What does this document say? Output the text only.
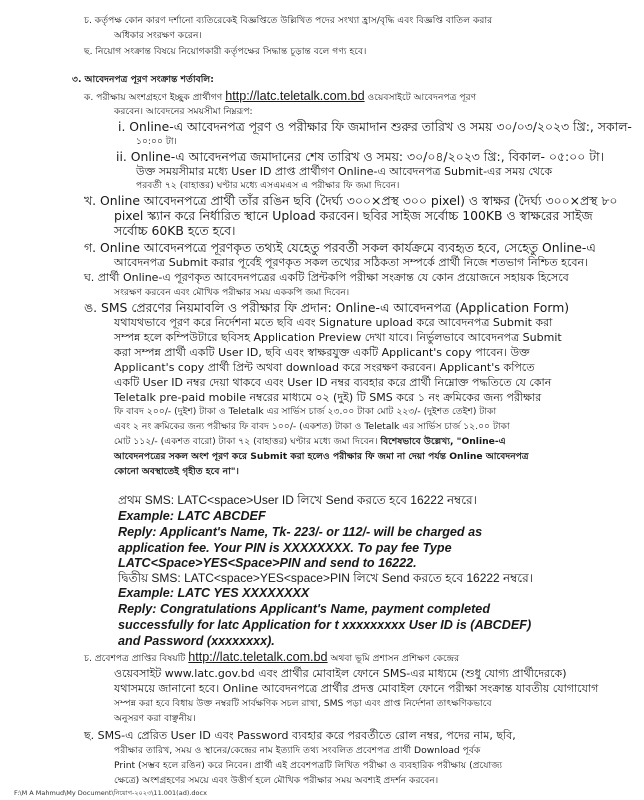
চ. কর্তৃপক্ষ কোন কারণ দর্শানো ব্যতিরেকেই বিজ্ঞপ্তিতে উল্লিখিত পদের সংখ্যা হ্রাস/বৃদ্ধি এবং বিজ্ঞপ্তি বাতিল করার
অধিকার সংরক্ষণ করেন।
ছ. নিয়োগ সংক্রান্ত বিষয়ে নিয়োগকারী কর্তৃপক্ষের সিদ্ধান্ত চূড়ান্ত বলে গণ্য হবে।
৩. আবেদনপত্র পূরণ সংক্রান্ত শর্তাবলি:
ক. পরীক্ষায় অংশগ্রহণে ইচ্ছুক প্রার্থীগণ http://latc.teletalk.com.bd ওয়েবসাইটে আবেদনপত্র পূরণ
করবেন। আবেদনের সময়সীমা নিম্নরূপ:
i. Online-এ আবেদনপত্র পূরণ ও পরীক্ষার ফি জমাদান শুরুর তারিখ ও সময় ৩০/০৩/২০২৩ খ্রি:, সকাল-
১০:০০ টা।
ii. Online-এ আবেদনপত্র জমাদানের শেষ তারিখ ও সময়: ৩০/০৪/২০২৩ খ্রি:, বিকাল- ০৫:০০ টা।
উক্ত সময়সীমার মধ্যে User ID প্রাপ্ত প্রার্থীগণ Online-এ আবেদনপত্র Submit-এর সময় থেকে
পরবর্তী ৭২ (বাহাত্তর) ঘণ্টার মধ্যে এসএমএস এ পরীক্ষার ফি জমা দিবেন।
খ. Online আবেদনপত্রে প্রার্থী তাঁর রঙিন ছবি (দৈর্ঘ্য ৩০০×প্রস্থ ৩০০ pixel) ও স্বাক্ষর (দৈর্ঘ্য ৩০০×প্রস্থ ৮০
pixel স্ক্যান করে নির্ধারিত স্থানে Upload করবেন। ছবির সাইজ সর্বোচ্চ 100KB ও স্বাক্ষরের সাইজ
সর্বোচ্চ 60KB হতে হবে।
গ. Online আবেদনপত্রে পূরণকৃত তথ্যই যেহেতু পরবর্তী সকল কার্যক্রমে ব্যবহৃত হবে, সেহেতু Online-এ
আবেদনপত্র Submit করার পূর্বেই পূরণকৃত সকল তথ্যের সঠিকতা সম্পর্কে প্রার্থী নিজে শতভাগ নিশ্চিত হবেন।
ঘ. প্রার্থী Online-এ পূরণকৃত আবেদনপত্রের একটি প্রিন্টকপি পরীক্ষা সংক্রান্ত যে কোন প্রয়োজনে সহায়ক হিসেবে
সংরক্ষণ করবেন এবং মৌখিক পরীক্ষার সময় এককপি জমা দিবেন।
ঙ. SMS প্রেরণের নিয়মাবলি ও পরীক্ষার ফি প্রদান: Online-এ আবেদনপত্র (Application Form)
যথাযথভাবে পূরণ করে নির্দেশনা মতে ছবি এবং Signature upload করে আবেদনপত্র Submit করা
সম্পন্ন হলে কম্পিউটারে ছবিসহ Application Preview দেখা যাবে। নির্ভুলভাবে আবেদনপত্র Submit
করা সম্পন্ন প্রার্থী একটি User ID, ছবি এবং স্বাক্ষরযুক্ত একটি Applicant's copy পাবেন। উক্ত
Applicant's copy প্রার্থী প্রিন্ট অথবা download করে সংরক্ষণ করবেন। Applicant's কপিতে
একটি User ID নম্বর দেয়া থাকবে এবং User ID নম্বর ব্যবহার করে প্রার্থী নিম্নোক্ত পদ্ধতিতে যে কোন
Teletalk pre-paid mobile নম্বরের মাধ্যমে ০২ (দুই) টি SMS করে ১ নং ক্রমিকের জন্য পরীক্ষার
ফি বাবদ ২০০/- (দুইশ) টাকা ও Teletalk এর সার্ভিস চার্জ ২৩.০০ টাকা মোট ২২৩/- (দুইশত তেইশ) টাকা
এবং ২ নং ক্রমিকের জন্য পরীক্ষার ফি বাবদ ১০০/- (একশত) টাকা ও Teletalk এর সার্ভিস চার্জ ১২.০০ টাকা
মোট ১১২/- (একশত বারো) টাকা ৭২ (বাহাত্তর) ঘণ্টার মধ্যে জমা দিবেন। বিশেষভাবে উল্লেখ্য, "Online-এ
আবেদনপত্রের সকল অংশ পূরণ করে Submit করা হলেও পরীক্ষার ফি জমা না দেয়া পর্যন্ত Online আবেদনপত্র
কোনো অবস্থাতেই গৃহীত হবে না"।
প্রথম SMS: LATC<space>User ID লিখে Send করতে হবে 16222 নম্বরে।
Example: LATC ABCDEF
Reply: Applicant's Name, Tk- 223/- or 112/- will be charged as
application fee. Your PIN is XXXXXXXX. To pay fee Type
LATC<Space>YES<Space>PIN and send to 16222.
দ্বিতীয় SMS: LATC<space>YES<space>PIN লিখে Send করতে হবে 16222 নম্বরে।
Example: LATC YES XXXXXXXX
Reply: Congratulations Applicant's Name, payment completed
successfully for latc Application for t xxxxxxxxx User ID is (ABCDEF)
and Password (xxxxxxxx).
চ. প্রবেশপত্র প্রাপ্তির বিষয়টি http://latc.teletalk.com.bd অথবা ভূমি প্রশাসন প্রশিক্ষণ কেন্দ্রের
ওয়েবসাইট www.latc.gov.bd এবং প্রার্থীর মোবাইল ফোনে SMS-এর মাধ্যমে (শুধু যোগ্য প্রার্থীদেরকে)
যথাসময়ে জানানো হবে। Online আবেদনপত্রে প্রার্থীর প্রদত্ত মোবাইল ফোনে পরীক্ষা সংক্রান্ত যাবতীয় যোগাযোগ
সম্পন্ন করা হবে বিধায় উক্ত নম্বরটি সার্বক্ষণিক সচল রাখা, SMS পড়া এবং প্রাপ্ত নির্দেশনা তাৎক্ষণিকভাবে
অনুসরণ করা বাঞ্ছনীয়।
ছ. SMS-এ প্রেরিত User ID এবং Password ব্যবহার করে পরবর্তীতে রোল নম্বর, পদের নাম, ছবি,
পরীক্ষার তারিখ, সময় ও স্থানের/কেন্দ্রের নাম ইত্যাদি তথ্য সংবলিত প্রবেশপত্র প্রার্থী Download পূর্বক
Print (সম্ভব হলে রঙিন) করে নিবেন। প্রার্থী এই প্রবেশপত্রটি লিখিত পরীক্ষা ও ব্যবহারিক পরীক্ষায় (প্রযোজ্য
ক্ষেত্রে) অংশগ্রহণের সময়ে এবং উত্তীর্ণ হলে মৌখিক পরীক্ষার সময় অবশ্যই প্রদর্শন করবেন।
F:\M A Mahmud\My Document\নিয়োগ-২০২৩\11.001(ad).docx
